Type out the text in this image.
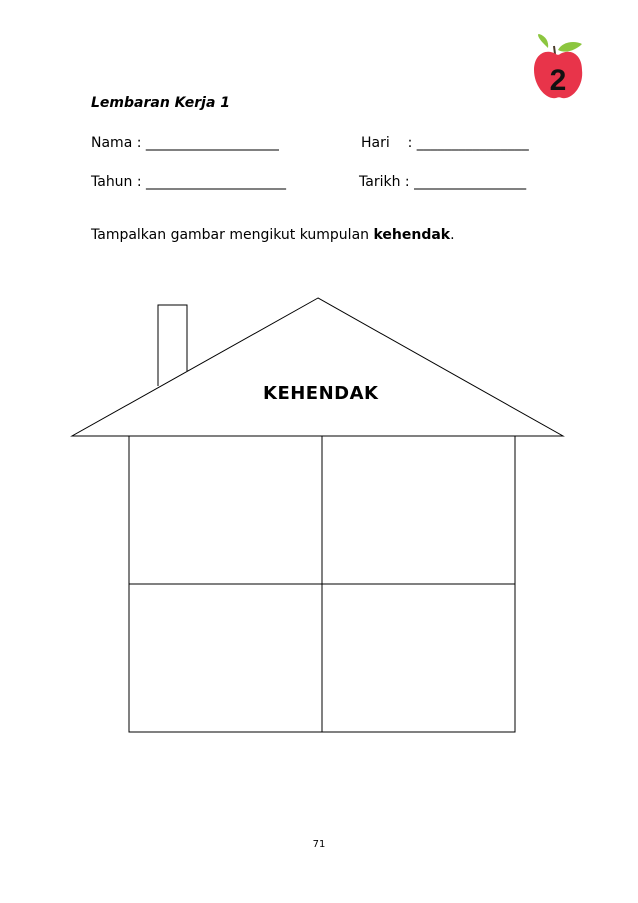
2
Lembaran Kerja 1
Nama : ___________________	Hari : ________________
Tahun : ____________________	Tarikh : ________________
Tampalkan gambar mengikut kumpulan kehendak.
KEHENDAK
71
